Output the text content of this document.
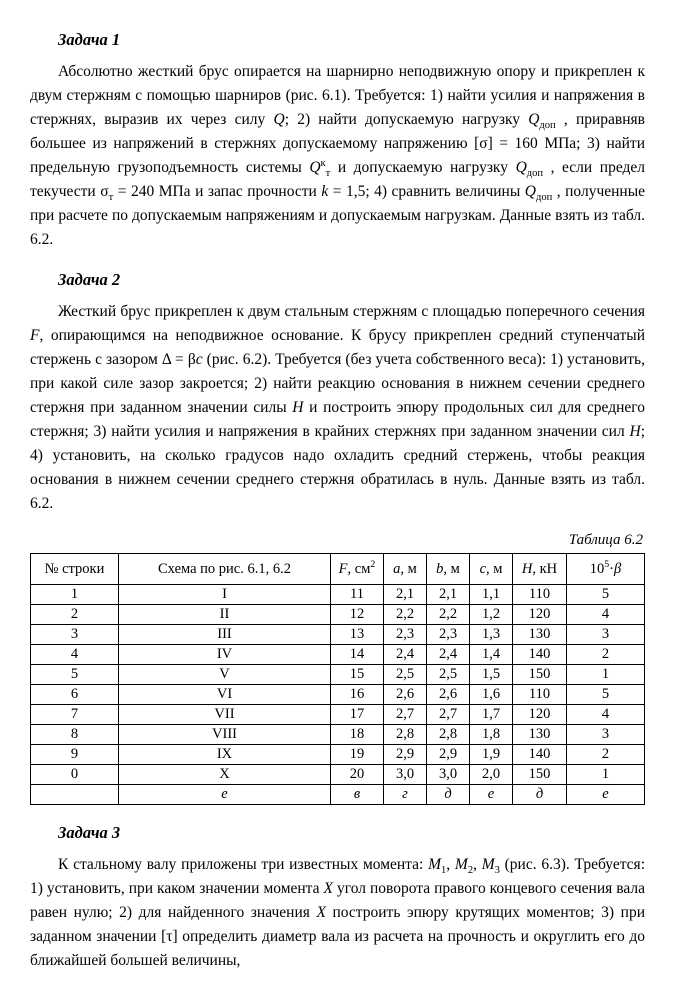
Задача 1

Абсолютно жесткий брус опирается на шарнирно неподвижную опору и прикреплен к двум стержням с помощью шарниров (рис. 6.1). Требуется: 1) найти усилия и напряжения в стержнях, выразив их через силу Q; 2) найти допускаемую нагрузку $Q_{доп}$ , приравняв большее из напряжений в стержнях допускаемому напряжению [σ] = 160 МПа; 3) найти предельную грузоподъемность системы $Q^к_т$ и допускаемую нагрузку $Q_{доп}$ , если предел текучести $\sigma_т = 240$ МПа и запас прочности k = 1,5; 4) сравнить величины $Q_{доп}$ , полученные при расчете по допускаемым напряжениям и допускаемым нагрузкам. Данные взять из табл. 6.2.

Задача 2

Жесткий брус прикреплен к двум стальным стержням с площадью поперечного сечения F, опирающимся на неподвижное основание. К брусу прикреплен средний ступенчатый стержень с зазором Δ = βc (рис. 6.2). Требуется (без учета собственного веса): 1) установить, при какой силе зазор закроется; 2) найти реакцию основания в нижнем сечении среднего стержня при заданном значении силы H и построить эпюру продольных сил для среднего стержня; 3) найти усилия и напряжения в крайних стержнях при заданном значении сил H; 4) установить, на сколько градусов надо охладить средний стержень, чтобы реакция основания в нижнем сечении среднего стержня обратилась в нуль. Данные взять из табл. 6.2.

Таблица 6.2
№ строки	Схема по рис. 6.1, 6.2	F, $см^2$	a, м	b, м	c, м	H, кН	$10^5\cdot\beta$
1	I	11	2,1	2,1	1,1	110	5
2	II	12	2,2	2,2	1,2	120	4
3	III	13	2,3	2,3	1,3	130	3
4	IV	14	2,4	2,4	1,4	140	2
5	V	15	2,5	2,5	1,5	150	1
6	VI	16	2,6	2,6	1,6	110	5
7	VII	17	2,7	2,7	1,7	120	4
8	VIII	18	2,8	2,8	1,8	130	3
9	IX	19	2,9	2,9	1,9	140	2
0	X	20	3,0	3,0	2,0	150	1
	е	в	г	д	е	д	е
Задача 3

К стальному валу приложены три известных момента: $M_1$, $M_2$, $M_3$ (рис. 6.3). Требуется: 1) установить, при каком значении момента X угол поворота правого концевого сечения вала равен нулю; 2) для найденного значения X построить эпюру крутящих моментов; 3) при заданном значении [τ] определить диаметр вала из расчета на прочность и округлить его до ближайшей большей величины,
